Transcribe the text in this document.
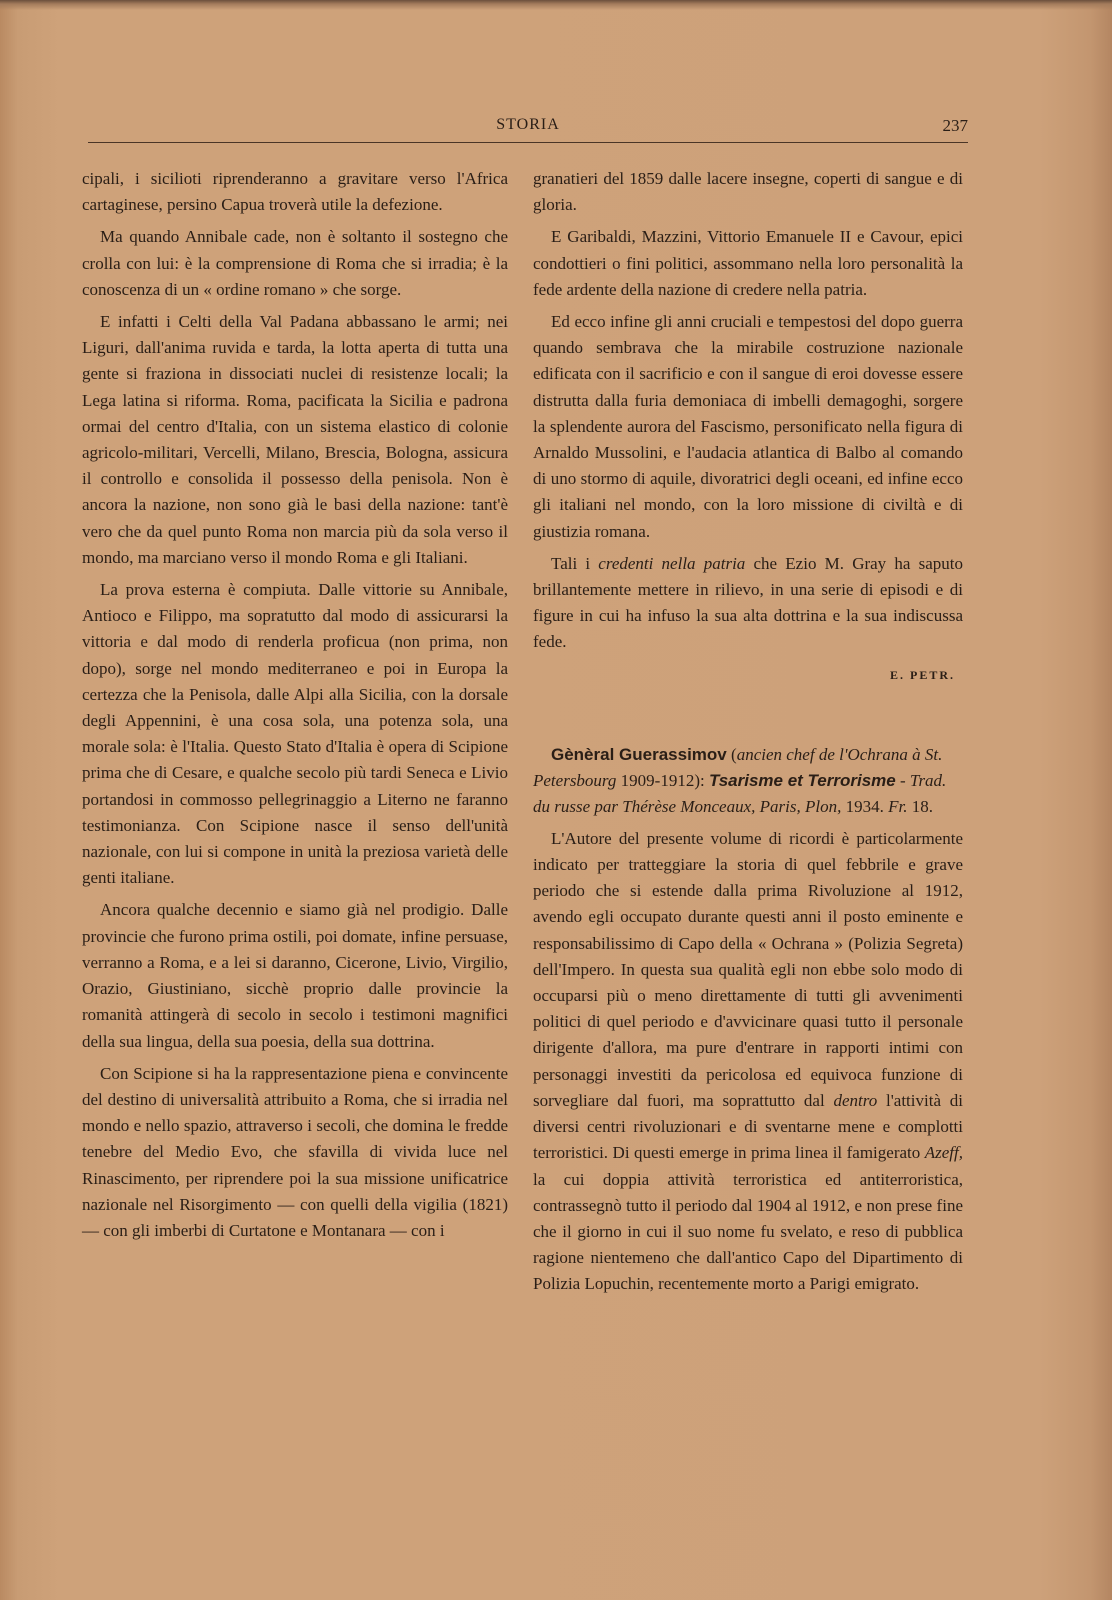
STORIA	237

cipali, i sicilioti riprenderanno a gravitare verso l'Africa cartaginese, persino Capua troverà utile la defezione.

Ma quando Annibale cade, non è soltanto il sostegno che crolla con lui: è la comprensione di Roma che si irradia; è la conoscenza di un « ordine romano » che sorge.

E infatti i Celti della Val Padana abbassano le armi; nei Liguri, dall'anima ruvida e tarda, la lotta aperta di tutta una gente si fraziona in dissociati nuclei di resistenze locali; la Lega latina si riforma. Roma, pacificata la Sicilia e padrona ormai del centro d'Italia, con un sistema elastico di colonie agricolo-militari, Vercelli, Milano, Brescia, Bologna, assicura il controllo e consolida il possesso della penisola. Non è ancora la nazione, non sono già le basi della nazione: tant'è vero che da quel punto Roma non marcia più da sola verso il mondo, ma marciano verso il mondo Roma e gli Italiani.

La prova esterna è compiuta. Dalle vittorie su Annibale, Antioco e Filippo, ma sopratutto dal modo di assicurarsi la vittoria e dal modo di renderla proficua (non prima, non dopo), sorge nel mondo mediterraneo e poi in Europa la certezza che la Penisola, dalle Alpi alla Sicilia, con la dorsale degli Appennini, è una cosa sola, una potenza sola, una morale sola: è l'Italia. Questo Stato d'Italia è opera di Scipione prima che di Cesare, e qualche secolo più tardi Seneca e Livio portandosi in commosso pellegrinaggio a Literno ne faranno testimonianza. Con Scipione nasce il senso dell'unità nazionale, con lui si compone in unità la preziosa varietà delle genti italiane.

Ancora qualche decennio e siamo già nel prodigio. Dalle provincie che furono prima ostili, poi domate, infine persuase, verranno a Roma, e a lei si daranno, Cicerone, Livio, Virgilio, Orazio, Giustiniano, sicchè proprio dalle provincie la romanità attingerà di secolo in secolo i testimoni magnifici della sua lingua, della sua poesia, della sua dottrina.

Con Scipione si ha la rappresentazione piena e convincente del destino di universalità attribuito a Roma, che si irradia nel mondo e nello spazio, attraverso i secoli, che domina le fredde tenebre del Medio Evo, che sfavilla di vivida luce nel Rinascimento, per riprendere poi la sua missione unificatrice nazionale nel Risorgimento — con quelli della vigilia (1821) — con gli imberbi di Curtatone e Montanara — con i

granatieri del 1859 dalle lacere insegne, coperti di sangue e di gloria.

E Garibaldi, Mazzini, Vittorio Emanuele II e Cavour, epici condottieri o fini politici, assommano nella loro personalità la fede ardente della nazione di credere nella patria.

Ed ecco infine gli anni cruciali e tempestosi del dopo guerra quando sembrava che la mirabile costruzione nazionale edificata con il sacrificio e con il sangue di eroi dovesse essere distrutta dalla furia demoniaca di imbelli demagoghi, sorgere la splendente aurora del Fascismo, personificato nella figura di Arnaldo Mussolini, e l'audacia atlantica di Balbo al comando di uno stormo di aquile, divoratrici degli oceani, ed infine ecco gli italiani nel mondo, con la loro missione di civiltà e di giustizia romana.

Tali i credenti nella patria che Ezio M. Gray ha saputo brillantemente mettere in rilievo, in una serie di episodi e di figure in cui ha infuso la sua alta dottrina e la sua indiscussa fede.

E. PETR.

Gènèral Guerassimov (ancien chef de l'Ochrana à St. Petersbourg 1909-1912): Tsarisme et Terrorisme - Trad. du russe par Thérèse Monceaux, Paris, Plon, 1934. Fr. 18.

L'Autore del presente volume di ricordi è particolarmente indicato per tratteggiare la storia di quel febbrile e grave periodo che si estende dalla prima Rivoluzione al 1912, avendo egli occupato durante questi anni il posto eminente e responsabilissimo di Capo della « Ochrana » (Polizia Segreta) dell'Impero. In questa sua qualità egli non ebbe solo modo di occuparsi più o meno direttamente di tutti gli avvenimenti politici di quel periodo e d'avvicinare quasi tutto il personale dirigente d'allora, ma pure d'entrare in rapporti intimi con personaggi investiti da pericolosa ed equivoca funzione di sorvegliare dal fuori, ma soprattutto dal dentro l'attività di diversi centri rivoluzionari e di sventarne mene e complotti terroristici. Di questi emerge in prima linea il famigerato Azeff, la cui doppia attività terroristica ed antiterroristica, contrassegnò tutto il periodo dal 1904 al 1912, e non prese fine che il giorno in cui il suo nome fu svelato, e reso di pubblica ragione nientemeno che dall'antico Capo del Dipartimento di Polizia Lopuchin, recentemente morto a Parigi emigrato.
